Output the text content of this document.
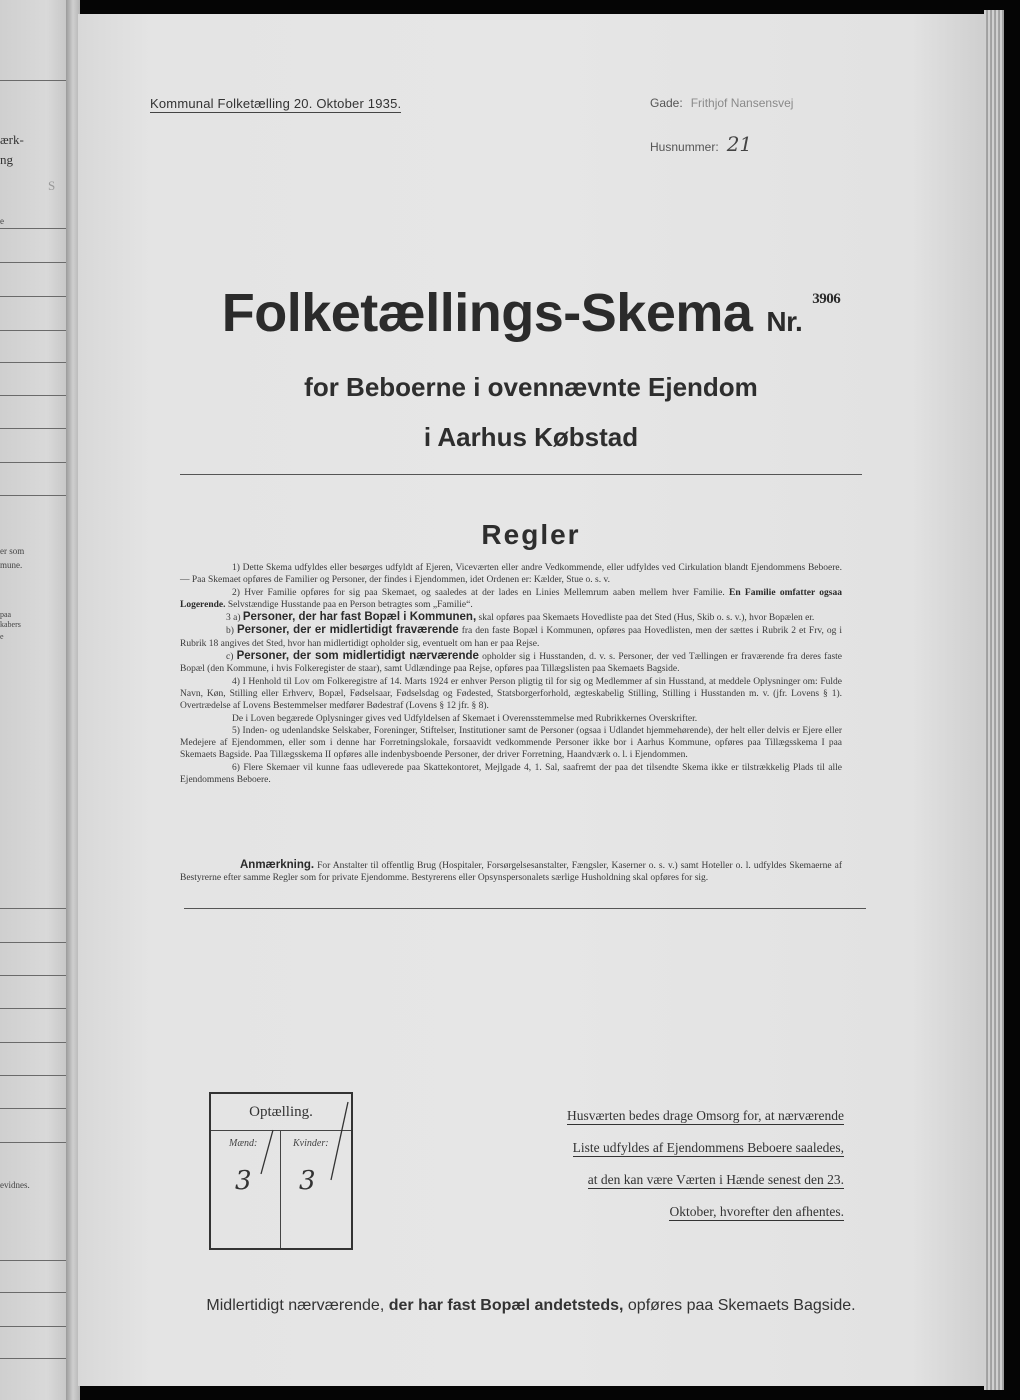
ærk-
ng
S
e
er som
mune.
paa
kabers
e
evidnes.
Kommunal Folketælling 20. Oktober 1935.	Gade: Frithjof Nansensvej
Husnummer: 21
Folketællings-Skema Nr.$^{3906}$
for Beboerne i ovennævnte Ejendom
i Aarhus Købstad
Regler

1) Dette Skema udfyldes eller besørges udfyldt af Ejeren, Viceværten eller andre Vedkommende, eller udfyldes ved Cirkulation blandt Ejendommens Beboere. — Paa Skemaet opføres de Familier og Personer, der findes i Ejendommen, idet Ordenen er: Kælder, Stue o. s. v.

2) Hver Familie opføres for sig paa Skemaet, og saaledes at der lades en Linies Mellemrum aaben mellem hver Familie. En Familie omfatter ogsaa Logerende. Selvstændige Husstande paa en Person betragtes som „Familie“.

3 a) Personer, der har fast Bopæl i Kommunen, skal opføres paa Skemaets Hovedliste paa det Sted (Hus, Skib o. s. v.), hvor Bopælen er.

b) Personer, der er midlertidigt fraværende fra den faste Bopæl i Kommunen, opføres paa Hovedlisten, men der sættes i Rubrik 2 et Frv, og i Rubrik 18 angives det Sted, hvor han midlertidigt opholder sig, eventuelt om han er paa Rejse.

c) Personer, der som midlertidigt nærværende opholder sig i Husstanden, d. v. s. Personer, der ved Tællingen er fraværende fra deres faste Bopæl (den Kommune, i hvis Folkeregister de staar), samt Udlændinge paa Rejse, opføres paa Tillægslisten paa Skemaets Bagside.

4) I Henhold til Lov om Folkeregistre af 14. Marts 1924 er enhver Person pligtig til for sig og Medlemmer af sin Husstand, at meddele Oplysninger om: Fulde Navn, Køn, Stilling eller Erhverv, Bopæl, Fødselsaar, Fødselsdag og Fødested, Statsborgerforhold, ægteskabelig Stilling, Stilling i Husstanden m. v. (jfr. Lovens § 1). Overtrædelse af Lovens Bestemmelser medfører Bødestraf (Lovens § 12 jfr. § 8).

De i Loven begærede Oplysninger gives ved Udfyldelsen af Skemaet i Overensstemmelse med Rubrikkernes Overskrifter.

5) Inden- og udenlandske Selskaber, Foreninger, Stiftelser, Institutioner samt de Personer (ogsaa i Udlandet hjemmehørende), der helt eller delvis er Ejere eller Medejere af Ejendommen, eller som i denne har Forretningslokale, forsaavidt vedkommende Personer ikke bor i Aarhus Kommune, opføres paa Tillægsskema I paa Skemaets Bagside. Paa Tillægsskema II opføres alle indenbysboende Personer, der driver Forretning, Haandværk o. l. i Ejendommen.

6) Flere Skemaer vil kunne faas udleverede paa Skattekontoret, Mejlgade 4, 1. Sal, saafremt der paa det tilsendte Skema ikke er tilstrækkelig Plads til alle Ejendommens Beboere.

Anmærkning. For Anstalter til offentlig Brug (Hospitaler, Forsørgelsesanstalter, Fængsler, Kaserner o. s. v.) samt Hoteller o. l. udfyldes Skemaerne af Bestyrerne efter samme Regler som for private Ejendomme. Bestyrerens eller Opsynspersonalets særlige Husholdning skal opføres for sig.
Optælling.
Mænd:	Kvinder:
3 3
Husværten bedes drage Omsorg for, at nærværende
Liste udfyldes af Ejendommens Beboere saaledes,
at den kan være Værten i Hænde senest den 23.
Oktober, hvorefter den afhentes.
Midlertidigt nærværende, der har fast Bopæl andetsteds, opføres paa Skemaets Bagside.
